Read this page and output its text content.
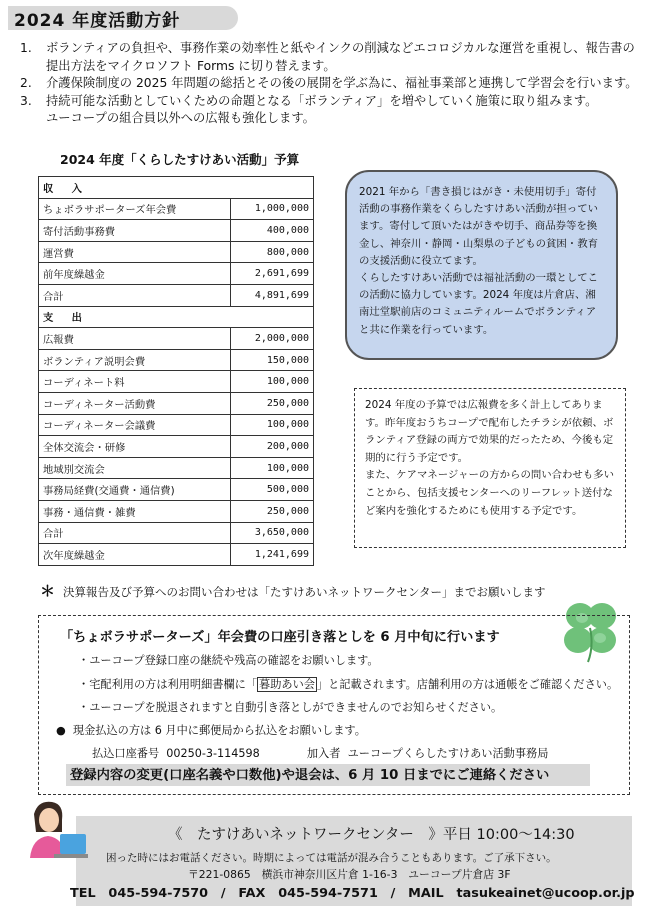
2024 年度活動方針
1.	ボランティアの負担や、事務作業の効率性と紙やインクの削減などエコロジカルな運営を重視し、報告書の提出方法をマイクロソフト Forms に切り替えます。
2.	介護保険制度の 2025 年問題の総括とその後の展開を学ぶ為に、福祉事業部と連携して学習会を行います。
3.	持続可能な活動としていくための命題となる「ボランティア」を増やしていく施策に取り組みます。
ユーコープの組合員以外への広報も強化します。
2024 年度「くらしたすけあい活動」予算
収　入	
ちょボラサポーターズ年会費	1,000,000
寄付活動事務費	400,000
運営費	800,000
前年度繰越金	2,691,699
合計	4,891,699
支　出	
広報費	2,000,000
ボランティア説明会費	150,000
コーディネート料	100,000
コーディネーター活動費	250,000
コーディネーター会議費	100,000
全体交流会・研修	200,000
地域別交流会	100,000
事務局経費(交通費・通信費)	500,000
事務・通信費・雑費	250,000
合計	3,650,000
次年度繰越金	1,241,699

2021 年から「書き損じはがき・未使用切手」寄付活動の事務作業をくらしたすけあい活動が担っています。寄付して頂いたはがきや切手、商品券等を換金し、神奈川・静岡・山梨県の子どもの貧困・教育の支援活動に役立てます。

くらしたすけあい活動では福祉活動の一環としてこの活動に協力しています。2024 年度は片倉店、湘南辻堂駅前店のコミュニティルームでボランティアと共に作業を行っています。

2024 年度の予算では広報費を多く計上してあります。昨年度おうちコープで配布したチラシが依頼、ボランティア登録の両方で効果的だったため、今後も定期的に行う予定です。

また、ケアマネージャーの方からの問い合わせも多いことから、包括支援センターへのリーフレット送付など案内を強化するためにも使用する予定です。

＊ 決算報告及び予算へのお問い合わせは「たすけあいネットワークセンター」までお願いします
「ちょボラサポーターズ」年会費の口座引き落としを 6 月中旬に行います
・ユーコープ登録口座の継続や残高の確認をお願いします。
・宅配利用の方は利用明細書欄に「 暮助あい会 」と記載されます。店舗利用の方は通帳をご確認ください。
・ユーコープを脱退されますと自動引き落としができませんのでお知らせください。
● 現金払込の方は 6 月中に郵便局から払込をお願いします。
払込口座番号 00250-3-114598	加入者 ユーコープくらしたすけあい活動事務局
登録内容の変更(口座名義や口数他)や退会は、6 月 10 日までにご連絡ください
《　たすけあいネットワークセンター　》平日 10:00～14:30
困った時にはお電話ください。時期によっては電話が混み合うこともあります。ご了承下さい。
〒221-0865　横浜市神奈川区片倉 1-16-3　ユーコープ片倉店 3F
TEL　045-594-7570　/　FAX　045-594-7571　/　MAIL　tasukeainet@ucoop.or.jp
